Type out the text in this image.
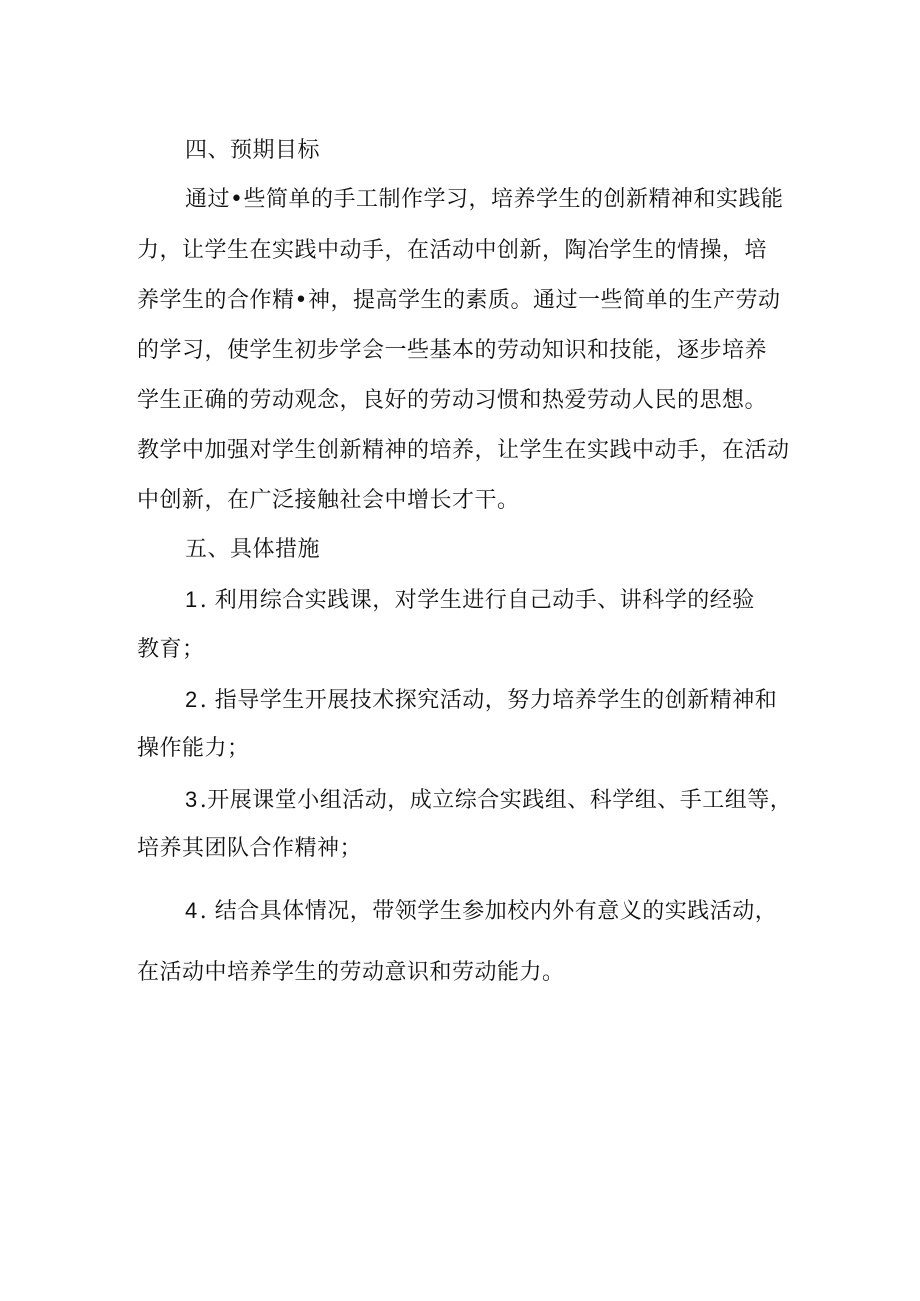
四、预期目标
通过•些简单的手工制作学习，培养学生的创新精神和实践能
力，让学生在实践中动手，在活动中创新，陶冶学生的情操，培
养学生的合作精•神，提高学生的素质。通过一些简单的生产劳动
的学习，使学生初步学会一些基本的劳动知识和技能，逐步培养
学生正确的劳动观念，良好的劳动习惯和热爱劳动人民的思想。
教学中加强对学生创新精神的培养，让学生在实践中动手，在活动
中创新，在广泛接触社会中增长才干。
五、具体措施
1. 利用综合实践课，对学生进行自己动手、讲科学的经验
教育；
2. 指导学生开展技术探究活动，努力培养学生的创新精神和
操作能力；
3.开展课堂小组活动，成立综合实践组、科学组、手工组等，
培养其团队合作精神；
4. 结合具体情况，带领学生参加校内外有意义的实践活动，
在活动中培养学生的劳动意识和劳动能力。
